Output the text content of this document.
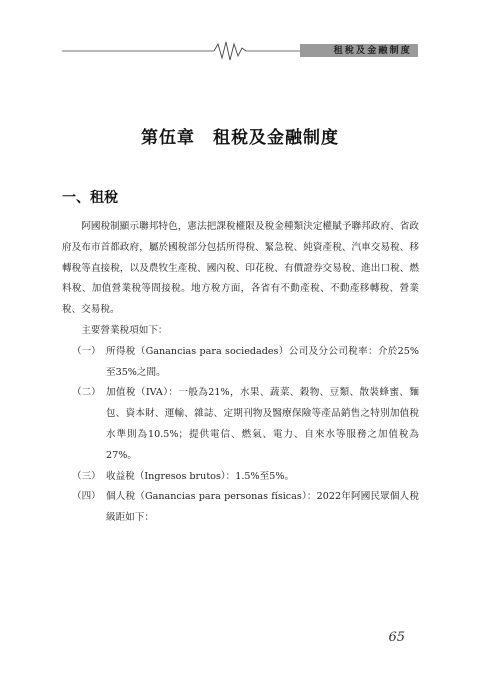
租稅及金融制度
第伍章　租稅及金融制度
一、租稅

阿國稅制顯示聯邦特色，憲法把課稅權限及稅金種類決定權賦予聯邦政府、省政府及布市首都政府，屬於國稅部分包括所得稅、緊急稅、純資產稅、汽車交易稅、移轉稅等直接稅，以及農牧生產稅、國內稅、印花稅、有價證券交易稅、進出口稅、燃料稅、加值營業稅等間接稅。地方稅方面，各省有不動產稅、不動產移轉稅、營業稅、交易稅。

主要營業稅項如下：

（一） 所得稅（Ganancias para sociedades）公司及分公司稅率：介於25%至35%之間。
（二） 加值稅（IVA）：一般為21%，水果、蔬菜、穀物、豆類、散裝蜂蜜、麵包、資本財、運輸、雜誌、定期刊物及醫療保險等產品銷售之特別加值稅水準則為10.5%；提供電信、燃氣、電力、自來水等服務之加值稅為27%。
（三） 收益稅（Ingresos brutos）：1.5%至5%。
（四） 個人稅（Ganancias para personas físicas）：2022年阿國民眾個人稅級距如下：
65
